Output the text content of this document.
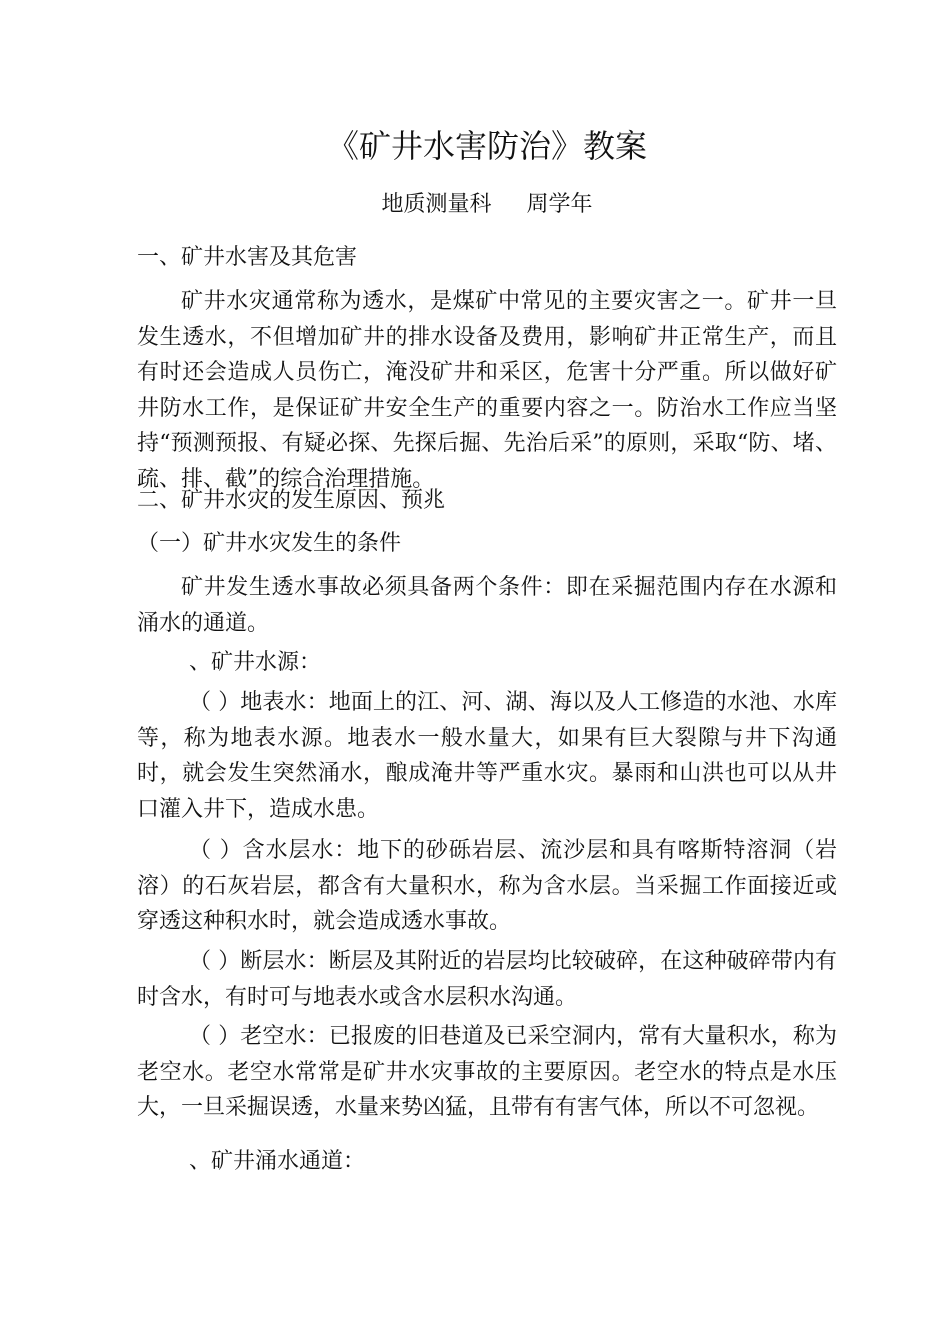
《矿井水害防治》教案
地质测量科     周学年

一、矿井水害及其危害

矿井水灾通常称为透水，是煤矿中常见的主要灾害之一。矿井一旦发生透水，不但增加矿井的排水设备及费用，影响矿井正常生产，而且有时还会造成人员伤亡，淹没矿井和采区，危害十分严重。所以做好矿井防水工作，是保证矿井安全生产的重要内容之一。防治水工作应当坚持“预测预报、有疑必探、先探后掘、先治后采”的原则，采取“防、堵、疏、排、截”的综合治理措施。

二、矿井水灾的发生原因、预兆

（一）矿井水灾发生的条件

矿井发生透水事故必须具备两个条件：即在采掘范围内存在水源和涌水的通道。

、矿井水源：

（ ）地表水：地面上的江、河、湖、海以及人工修造的水池、水库等，称为地表水源。地表水一般水量大，如果有巨大裂隙与井下沟通时，就会发生突然涌水，酿成淹井等严重水灾。暴雨和山洪也可以从井口灌入井下，造成水患。

（ ）含水层水：地下的砂砾岩层、流沙层和具有喀斯特溶洞（岩溶）的石灰岩层，都含有大量积水，称为含水层。当采掘工作面接近或穿透这种积水时，就会造成透水事故。

（ ）断层水：断层及其附近的岩层均比较破碎，在这种破碎带内有时含水，有时可与地表水或含水层积水沟通。

（ ）老空水：已报废的旧巷道及已采空洞内，常有大量积水，称为老空水。老空水常常是矿井水灾事故的主要原因。老空水的特点是水压大，一旦采掘误透，水量来势凶猛，且带有有害气体，所以不可忽视。

、矿井涌水通道：
